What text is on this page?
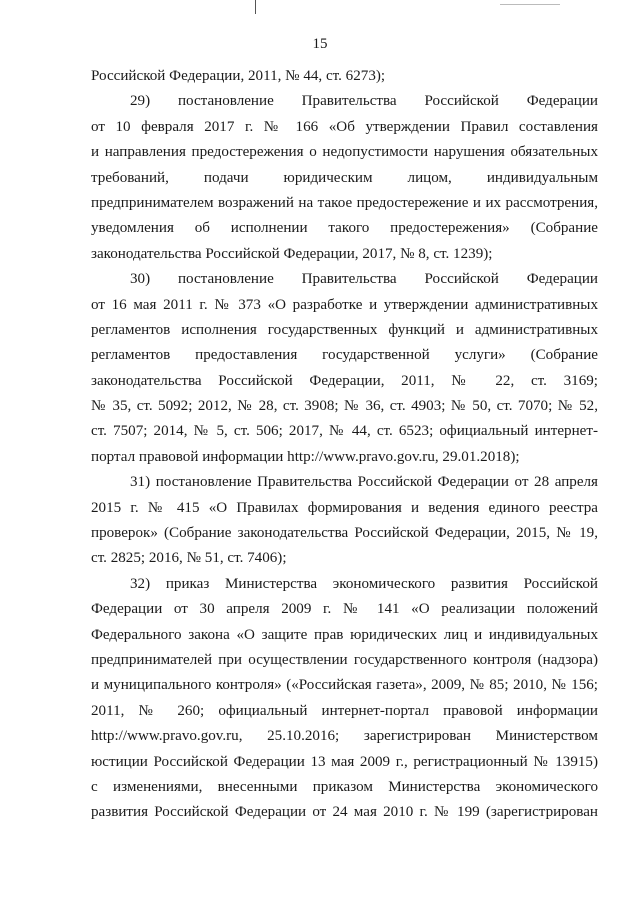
15
Российской Федерации, 2011, № 44, ст. 6273);
29) постановление Правительства Российской Федерации
от 10 февраля 2017 г. № 166 «Об утверждении Правил составления
и направления предостережения о недопустимости нарушения обязательных
требований, подачи юридическим лицом, индивидуальным
предпринимателем возражений на такое предостережение и их рассмотрения,
уведомления об исполнении такого предостережения» (Собрание
законодательства Российской Федерации, 2017, № 8, ст. 1239);
30) постановление Правительства Российской Федерации
от 16 мая 2011 г. № 373 «О разработке и утверждении административных
регламентов исполнения государственных функций и административных
регламентов предоставления государственной услуги» (Собрание
законодательства Российской Федерации, 2011, № 22, ст. 3169;
№ 35, ст. 5092; 2012, № 28, ст. 3908; № 36, ст. 4903; № 50, ст. 7070; № 52,
ст. 7507; 2014, № 5, ст. 506; 2017, № 44, ст. 6523; официальный интернет-
портал правовой информации http://www.pravo.gov.ru, 29.01.2018);
31) постановление Правительства Российской Федерации от 28 апреля
2015 г. № 415 «О Правилах формирования и ведения единого реестра
проверок» (Собрание законодательства Российской Федерации, 2015, № 19,
ст. 2825; 2016, № 51, ст. 7406);
32) приказ Министерства экономического развития Российской
Федерации от 30 апреля 2009 г. № 141 «О реализации положений
Федерального закона «О защите прав юридических лиц и индивидуальных
предпринимателей при осуществлении государственного контроля (надзора)
и муниципального контроля» («Российская газета», 2009, № 85; 2010, № 156;
2011, № 260; официальный интернет-портал правовой информации
http://www.pravo.gov.ru, 25.10.2016; зарегистрирован Министерством
юстиции Российской Федерации 13 мая 2009 г., регистрационный № 13915)
с изменениями, внесенными приказом Министерства экономического
развития Российской Федерации от 24 мая 2010 г. № 199 (зарегистрирован
